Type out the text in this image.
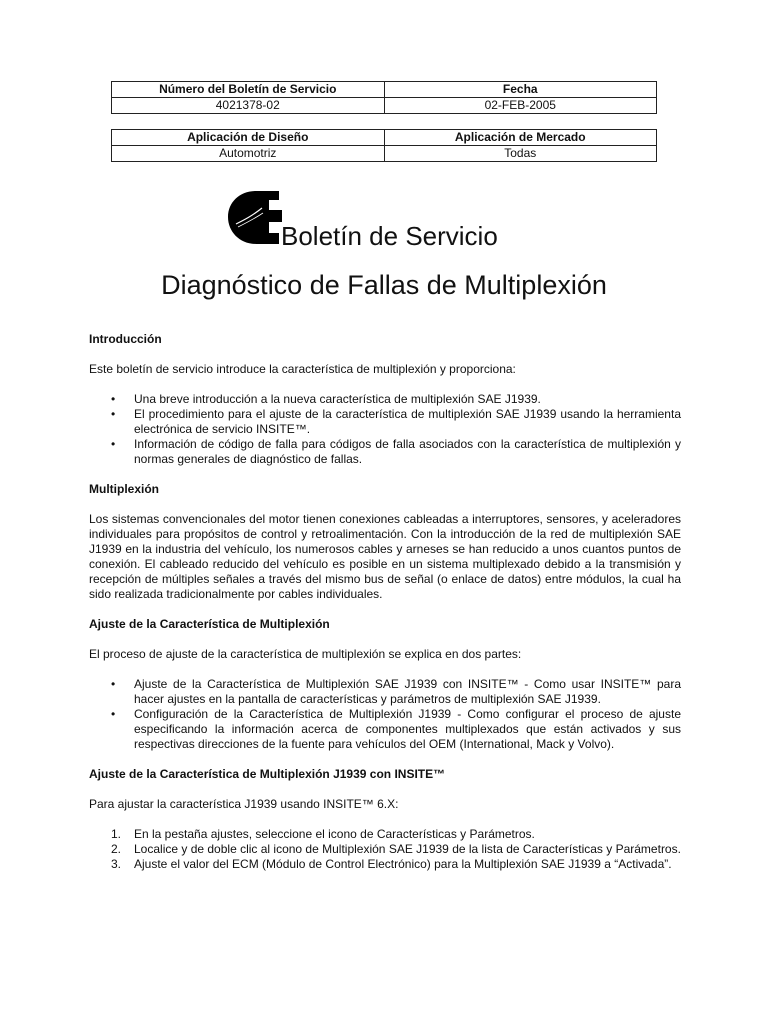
Número del Boletín de Servicio	Fecha
4021378-02	02-FEB-2005
Aplicación de Diseño	Aplicación de Mercado
Automotriz	Todas
Boletín de Servicio
Diagnóstico de Fallas de Multiplexión

Introducción

Este boletín de servicio introduce la característica de multiplexión y proporciona:

• Una breve introducción a la nueva característica de multiplexión SAE J1939.
• El procedimiento para el ajuste de la característica de multiplexión SAE J1939 usando la herramienta electrónica de servicio INSITE™.
• Información de código de falla para códigos de falla asociados con la característica de multiplexión y normas generales de diagnóstico de fallas.

Multiplexión

Los sistemas convencionales del motor tienen conexiones cableadas a interruptores, sensores, y aceleradores individuales para propósitos de control y retroalimentación. Con la introducción de la red de multiplexión SAE J1939 en la industria del vehículo, los numerosos cables y arneses se han reducido a unos cuantos puntos de conexión. El cableado reducido del vehículo es posible en un sistema multiplexado debido a la transmisión y recepción de múltiples señales a través del mismo bus de señal (o enlace de datos) entre módulos, la cual ha sido realizada tradicionalmente por cables individuales.

Ajuste de la Característica de Multiplexión

El proceso de ajuste de la característica de multiplexión se explica en dos partes:

• Ajuste de la Característica de Multiplexión SAE J1939 con INSITE™ - Como usar INSITE™ para hacer ajustes en la pantalla de características y parámetros de multiplexión SAE J1939.
• Configuración de la Característica de Multiplexión J1939 - Como configurar el proceso de ajuste especificando la información acerca de componentes multiplexados que están activados y sus respectivas direcciones de la fuente para vehículos del OEM (International, Mack y Volvo).

Ajuste de la Característica de Multiplexión J1939 con INSITE™

Para ajustar la característica J1939 usando INSITE™ 6.X:

1. En la pestaña ajustes, seleccione el icono de Características y Parámetros.
2. Localice y de doble clic al icono de Multiplexión SAE J1939 de la lista de Características y Parámetros.
3. Ajuste el valor del ECM (Módulo de Control Electrónico) para la Multiplexión SAE J1939 a “Activada”.
